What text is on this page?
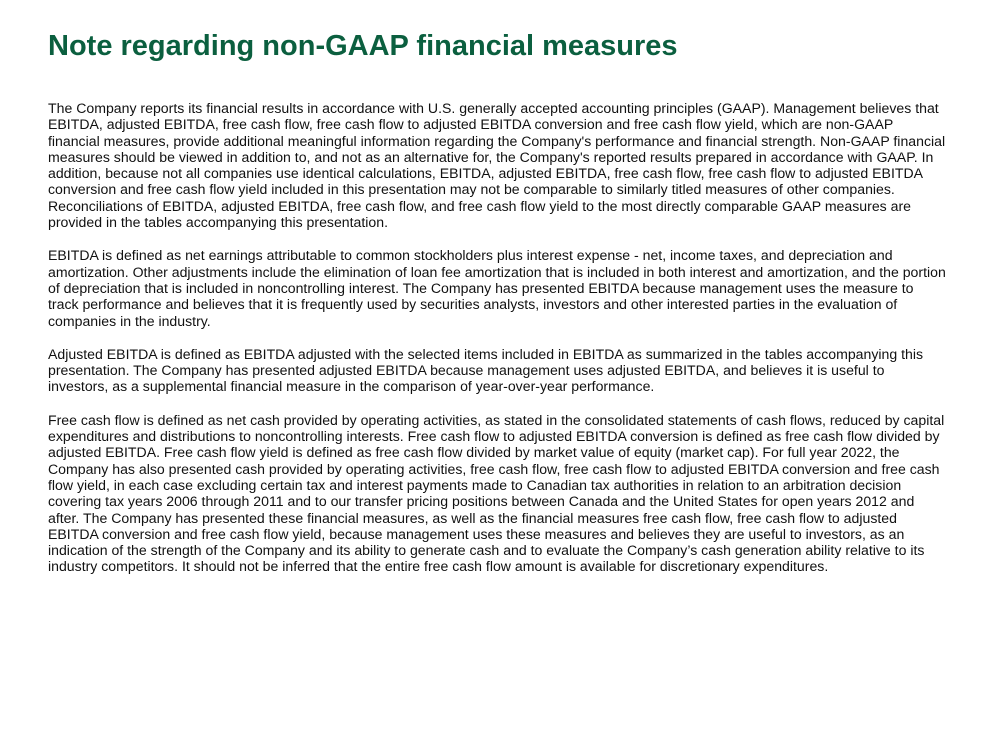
Note regarding non-GAAP financial measures

The Company reports its financial results in accordance with U.S. generally accepted accounting principles (GAAP). Management believes that EBITDA, adjusted EBITDA, free cash flow, free cash flow to adjusted EBITDA conversion and free cash flow yield, which are non-GAAP financial measures, provide additional meaningful information regarding the Company's performance and financial strength. Non-GAAP financial measures should be viewed in addition to, and not as an alternative for, the Company's reported results prepared in accordance with GAAP. In addition, because not all companies use identical calculations, EBITDA, adjusted EBITDA, free cash flow, free cash flow to adjusted EBITDA conversion and free cash flow yield included in this presentation may not be comparable to similarly titled measures of other companies. Reconciliations of EBITDA, adjusted EBITDA, free cash flow, and free cash flow yield to the most directly comparable GAAP measures are provided in the tables accompanying this presentation.

EBITDA is defined as net earnings attributable to common stockholders plus interest expense - net, income taxes, and depreciation and amortization. Other adjustments include the elimination of loan fee amortization that is included in both interest and amortization, and the portion of depreciation that is included in noncontrolling interest. The Company has presented EBITDA because management uses the measure to track performance and believes that it is frequently used by securities analysts, investors and other interested parties in the evaluation of companies in the industry.

Adjusted EBITDA is defined as EBITDA adjusted with the selected items included in EBITDA as summarized in the tables accompanying this presentation. The Company has presented adjusted EBITDA because management uses adjusted EBITDA, and believes it is useful to investors, as a supplemental financial measure in the comparison of year-over-year performance.

Free cash flow is defined as net cash provided by operating activities, as stated in the consolidated statements of cash flows, reduced by capital expenditures and distributions to noncontrolling interests. Free cash flow to adjusted EBITDA conversion is defined as free cash flow divided by adjusted EBITDA. Free cash flow yield is defined as free cash flow divided by market value of equity (market cap). For full year 2022, the Company has also presented cash provided by operating activities, free cash flow, free cash flow to adjusted EBITDA conversion and free cash flow yield, in each case excluding certain tax and interest payments made to Canadian tax authorities in relation to an arbitration decision covering tax years 2006 through 2011 and to our transfer pricing positions between Canada and the United States for open years 2012 and after. The Company has presented these financial measures, as well as the financial measures free cash flow, free cash flow to adjusted EBITDA conversion and free cash flow yield, because management uses these measures and believes they are useful to investors, as an indication of the strength of the Company and its ability to generate cash and to evaluate the Company’s cash generation ability relative to its industry competitors. It should not be inferred that the entire free cash flow amount is available for discretionary expenditures.
